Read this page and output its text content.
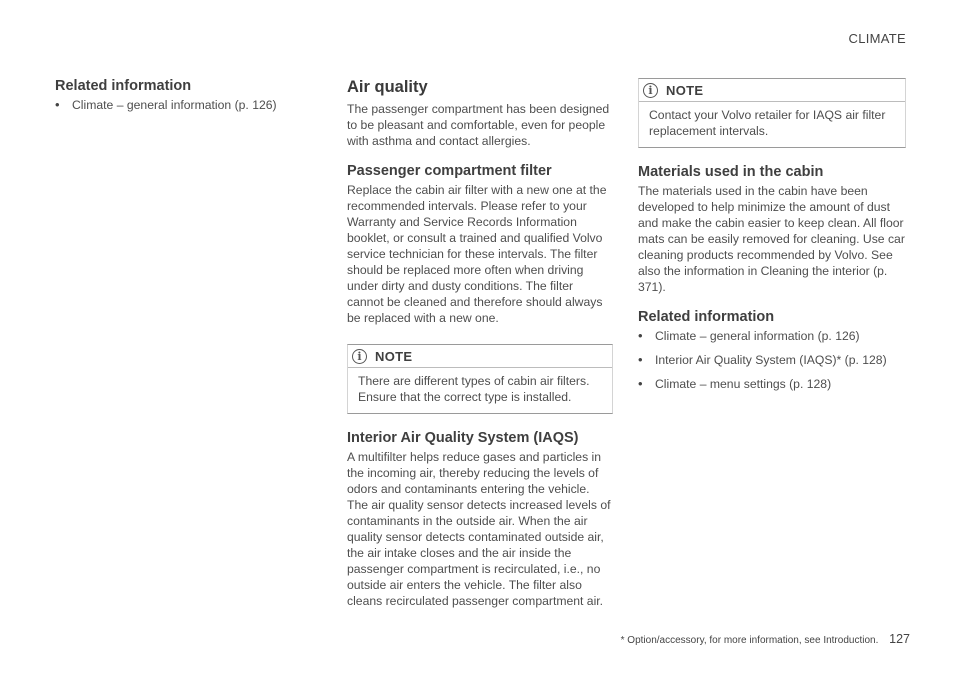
CLIMATE
Related information
• Climate – general information (p. 126)
Air quality

The passenger compartment has been designed to be pleasant and comfortable, even for people with asthma and contact allergies.

Passenger compartment filter

Replace the cabin air filter with a new one at the recommended intervals. Please refer to your Warranty and Service Records Information booklet, or consult a trained and qualified Volvo service technician for these intervals. The filter should be replaced more often when driving under dirty and dusty conditions. The filter cannot be cleaned and therefore should always be replaced with a new one.

i	NOTE
There are different types of cabin air filters. Ensure that the correct type is installed.
Interior Air Quality System (IAQS)

A multifilter helps reduce gases and particles in the incoming air, thereby reducing the levels of odors and contaminants entering the vehicle. The air quality sensor detects increased levels of contaminants in the outside air. When the air quality sensor detects contaminated outside air, the air intake closes and the air inside the passenger compartment is recirculated, i.e., no outside air enters the vehicle. The filter also cleans recirculated passenger compartment air.

i	NOTE
Contact your Volvo retailer for IAQS air filter replacement intervals.
Materials used in the cabin

The materials used in the cabin have been developed to help minimize the amount of dust and make the cabin easier to keep clean. All floor mats can be easily removed for cleaning. Use car cleaning products recommended by Volvo. See also the information in Cleaning the interior (p. 371).

Related information
• Climate – general information (p. 126)
• Interior Air Quality System (IAQS)* (p. 128)
• Climate – menu settings (p. 128)
* Option/accessory, for more information, see Introduction. 127
